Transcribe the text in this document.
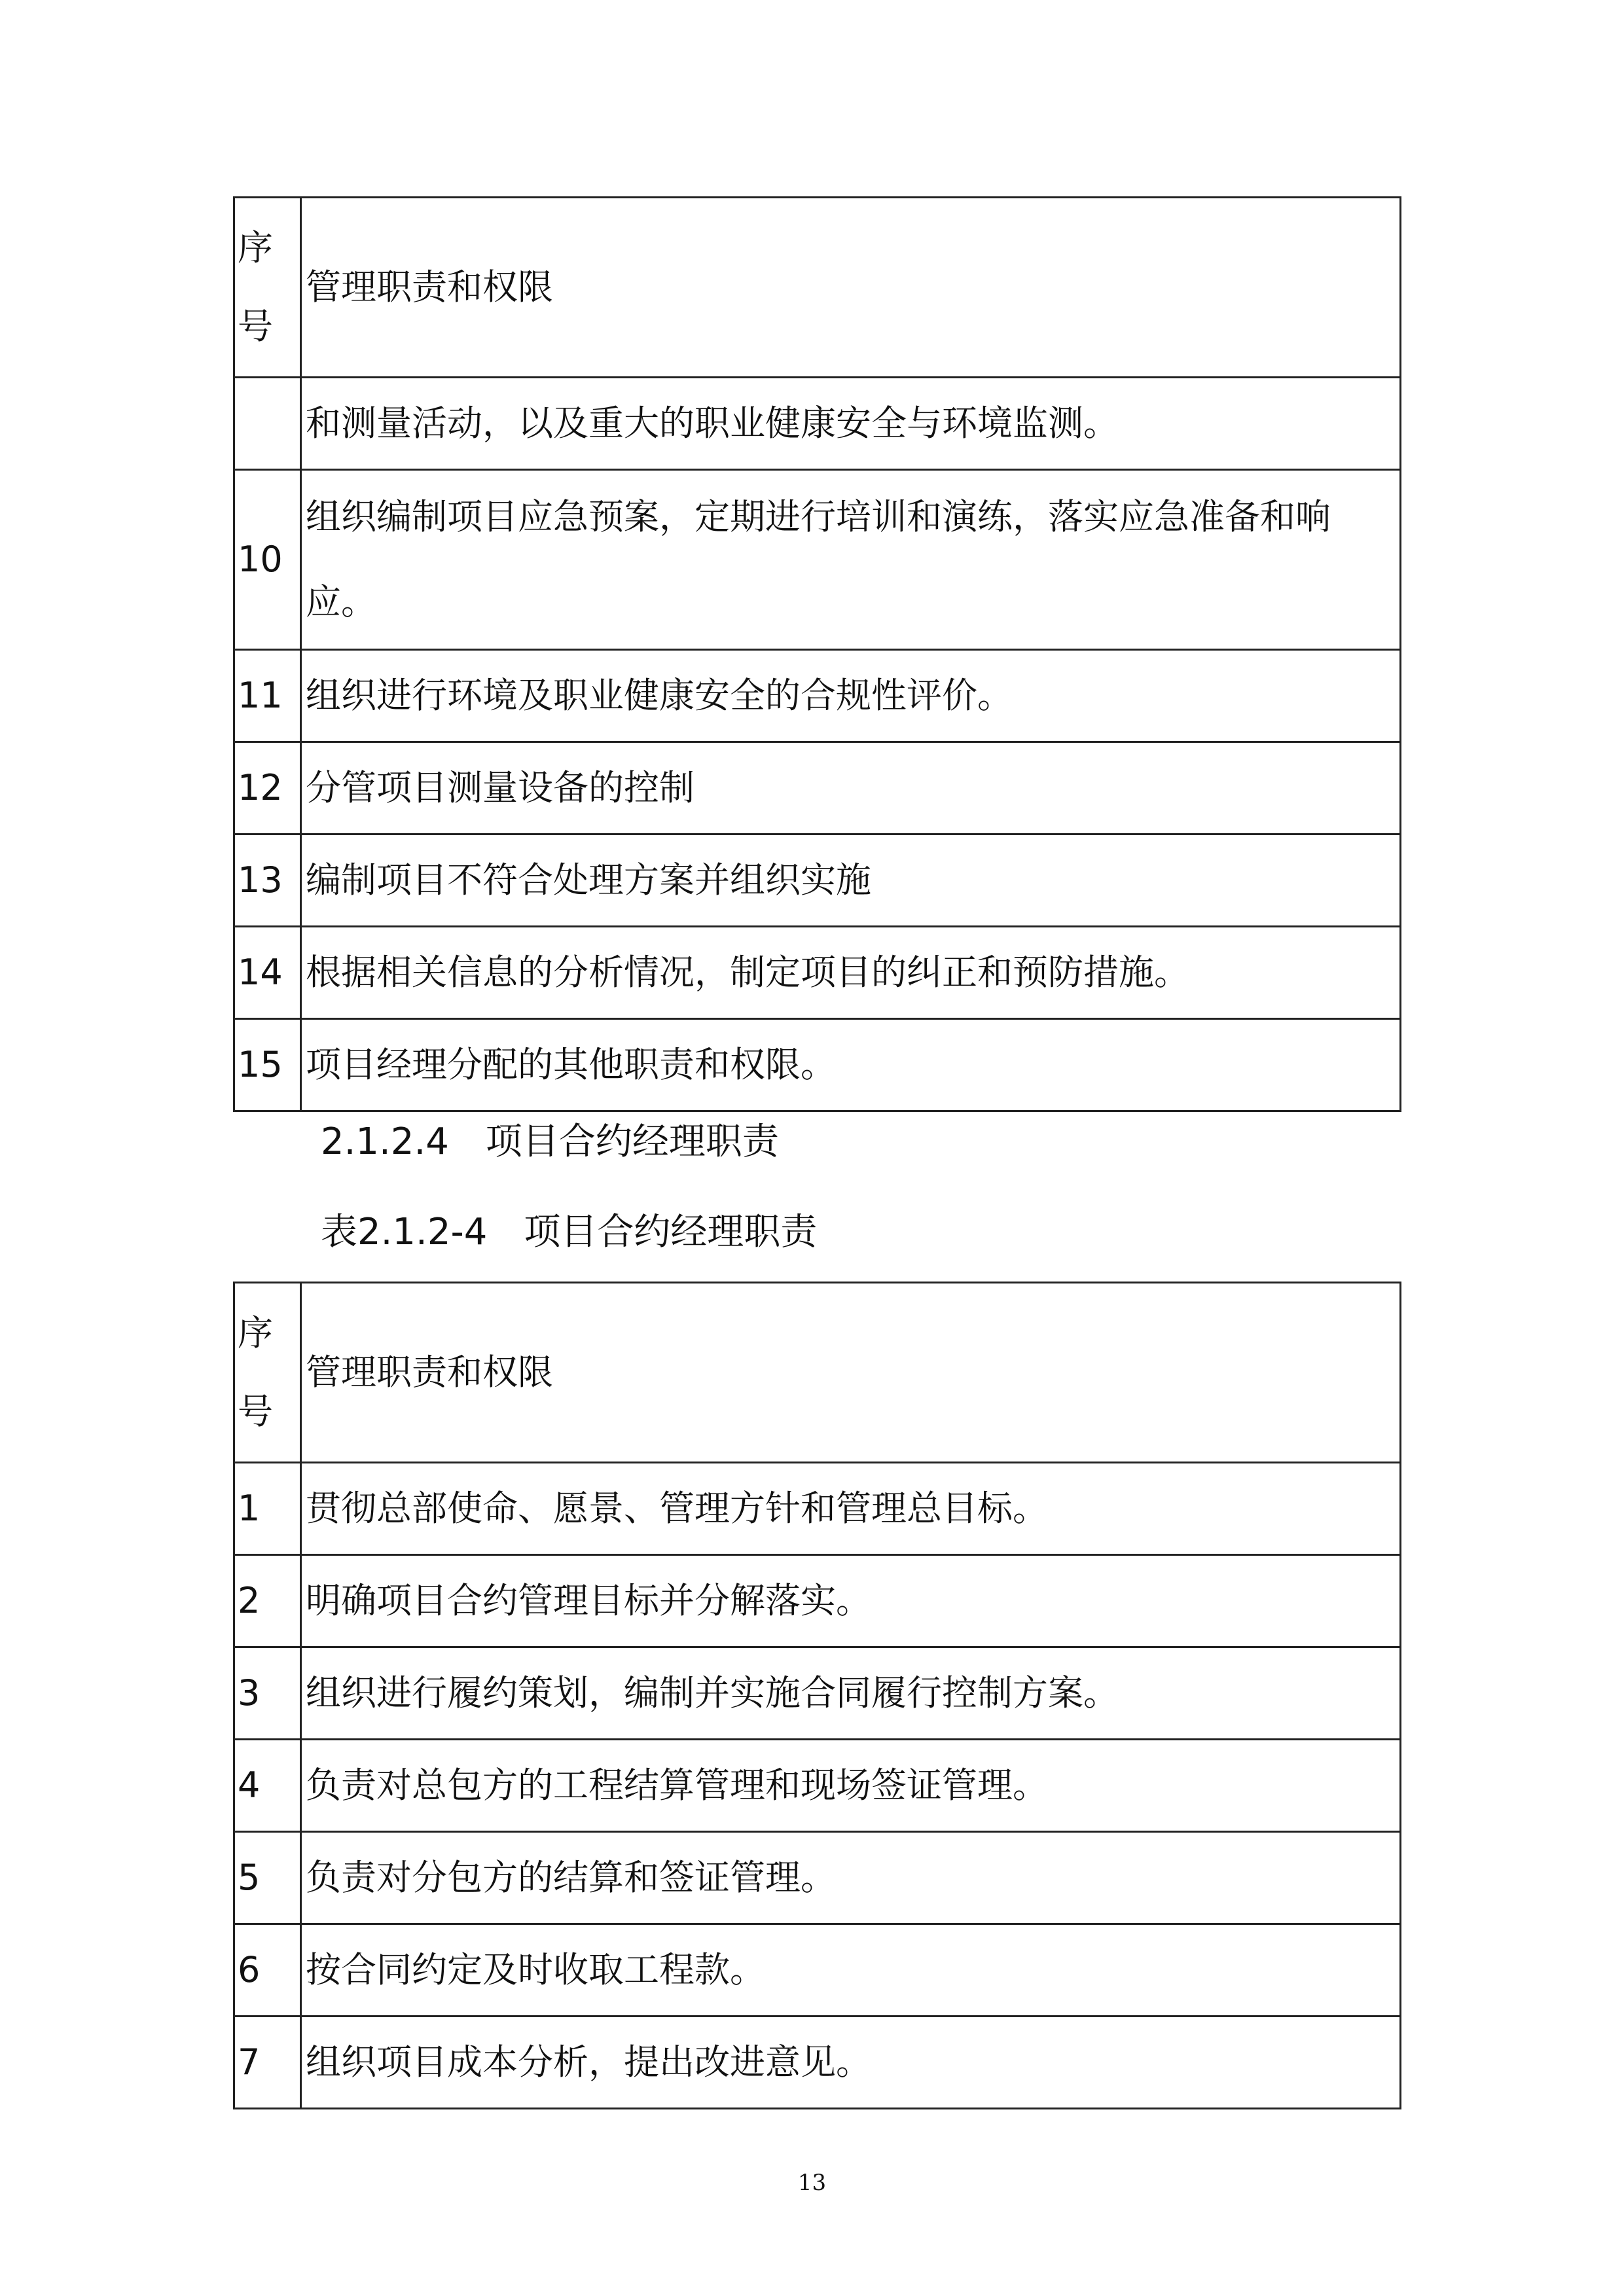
序
号	管理职责和权限
	和测量活动，以及重大的职业健康安全与环境监测。
10	组织编制项目应急预案，定期进行培训和演练，落实应急准备和响
应。

11	组织进行环境及职业健康安全的合规性评价。
12	分管项目测量设备的控制
13	编制项目不符合处理方案并组织实施
14	根据相关信息的分析情况，制定项目的纠正和预防措施。
15	项目经理分配的其他职责和权限。
2.1.2.4　项目合约经理职责
表2.1.2-4　项目合约经理职责
序
号	管理职责和权限
1	贯彻总部使命、愿景、管理方针和管理总目标。
2	明确项目合约管理目标并分解落实。
3	组织进行履约策划，编制并实施合同履行控制方案。
4	负责对总包方的工程结算管理和现场签证管理。
5	负责对分包方的结算和签证管理。
6	按合同约定及时收取工程款。
7	组织项目成本分析，提出改进意见。
13
